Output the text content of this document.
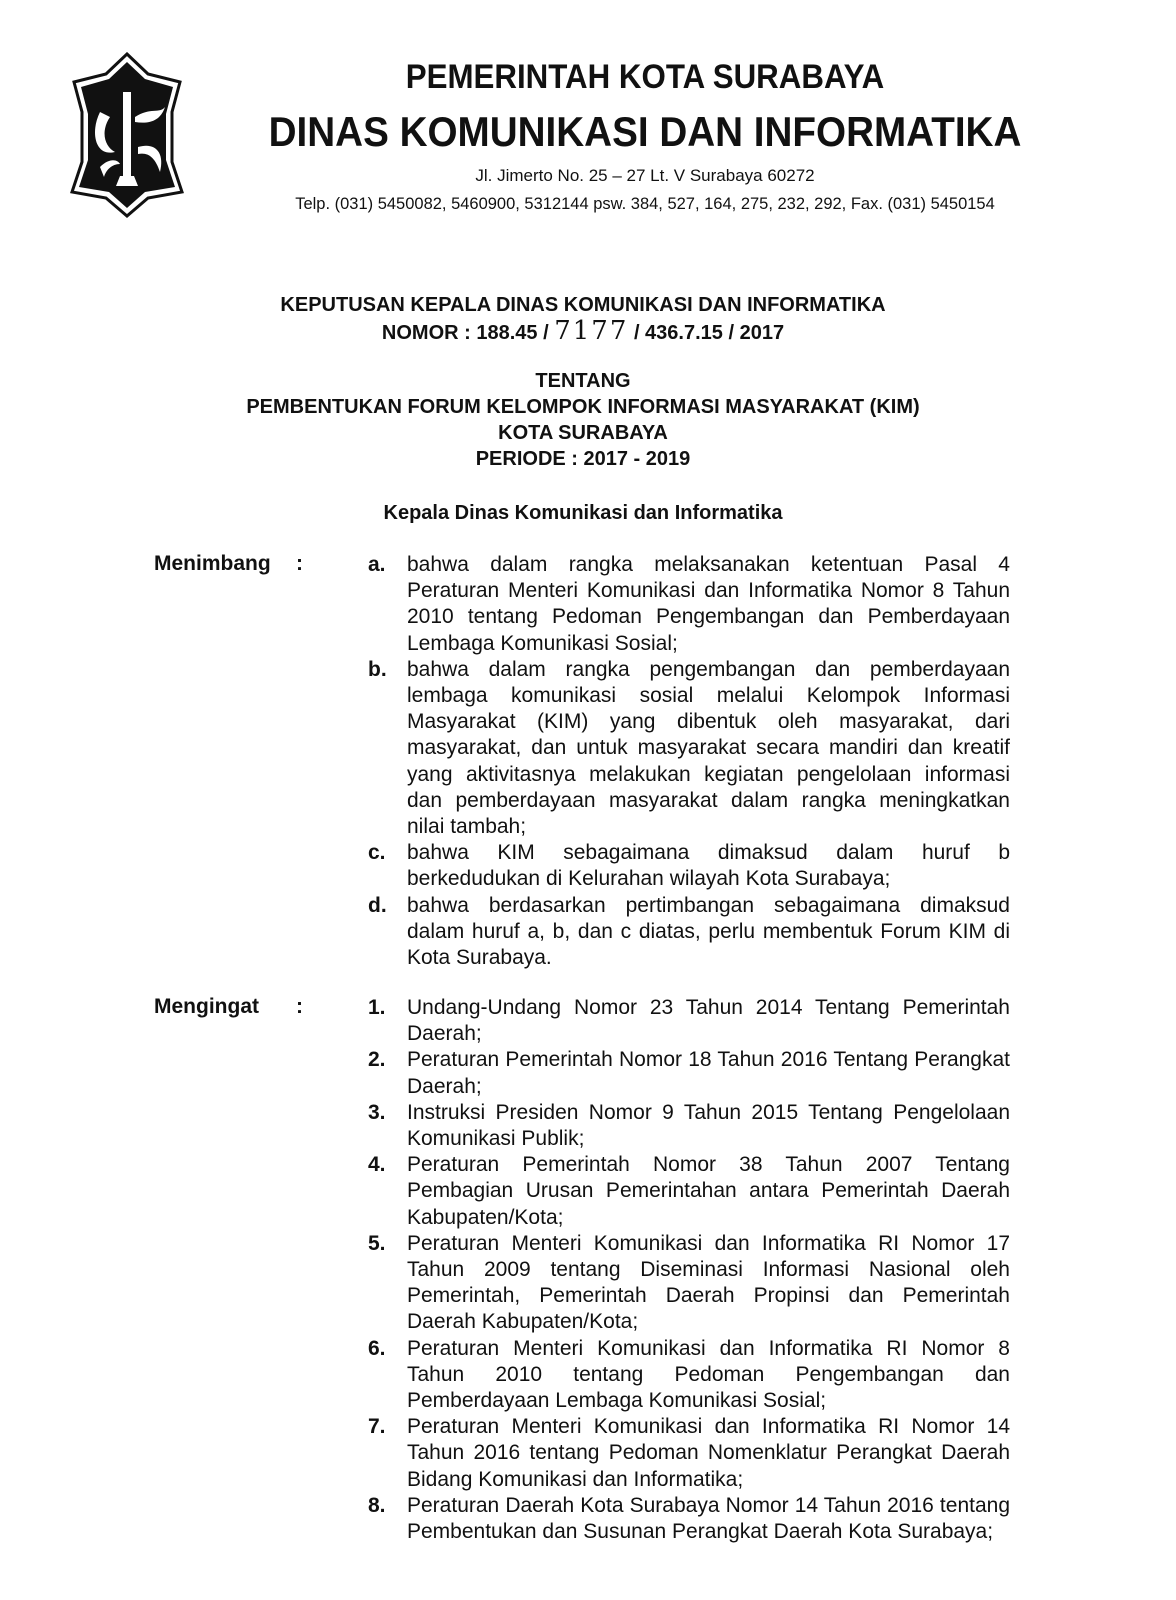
PEMERINTAH KOTA SURABAYA
DINAS KOMUNIKASI DAN INFORMATIKA
Jl. Jimerto No. 25 – 27 Lt. V Surabaya 60272
Telp. (031) 5450082, 5460900, 5312144 psw. 384, 527, 164, 275, 232, 292, Fax. (031) 5450154
KEPUTUSAN KEPALA DINAS KOMUNIKASI DAN INFORMATIKA
NOMOR : 188.45 / 7177 / 436.7.15 / 2017
TENTANG
PEMBENTUKAN FORUM KELOMPOK INFORMASI MASYARAKAT (KIM)
KOTA SURABAYA
PERIODE : 2017 - 2019
Kepala Dinas Komunikasi dan Informatika
Menimbang :	a.	bahwa dalam rangka melaksanakan ketentuan Pasal 4 Peraturan Menteri Komunikasi dan Informatika Nomor 8 Tahun 2010 tentang Pedoman Pengembangan dan Pemberdayaan Lembaga Komunikasi Sosial;
b. bahwa dalam rangka pengembangan dan pemberdayaan lembaga komunikasi sosial melalui Kelompok Informasi Masyarakat (KIM) yang dibentuk oleh masyarakat, dari masyarakat, dan untuk masyarakat secara mandiri dan kreatif yang aktivitasnya melakukan kegiatan pengelolaan informasi dan pemberdayaan masyarakat dalam rangka meningkatkan nilai tambah;
c.	bahwa KIM sebagaimana dimaksud dalam huruf b berkedudukan di Kelurahan wilayah Kota Surabaya;
d. bahwa berdasarkan pertimbangan sebagaimana dimaksud dalam huruf a, b, dan c diatas, perlu membentuk Forum KIM di Kota Surabaya.
Mengingat :	1.	Undang-Undang Nomor 23 Tahun 2014 Tentang Pemerintah Daerah;
2.	Peraturan Pemerintah Nomor 18 Tahun 2016 Tentang Perangkat Daerah;
3.	Instruksi Presiden Nomor 9 Tahun 2015 Tentang Pengelolaan Komunikasi Publik;
4.	Peraturan Pemerintah Nomor 38 Tahun 2007 Tentang Pembagian Urusan Pemerintahan antara Pemerintah Daerah Kabupaten/Kota;
5.	Peraturan Menteri Komunikasi dan Informatika RI Nomor 17 Tahun 2009 tentang Diseminasi Informasi Nasional oleh Pemerintah, Pemerintah Daerah Propinsi dan Pemerintah Daerah Kabupaten/Kota;
6.	Peraturan Menteri Komunikasi dan Informatika RI Nomor 8 Tahun 2010 tentang Pedoman Pengembangan dan Pemberdayaan Lembaga Komunikasi Sosial;
7.	Peraturan Menteri Komunikasi dan Informatika RI Nomor 14 Tahun 2016 tentang Pedoman Nomenklatur Perangkat Daerah Bidang Komunikasi dan Informatika;
8.	Peraturan Daerah Kota Surabaya Nomor 14 Tahun 2016 tentang Pembentukan dan Susunan Perangkat Daerah Kota Surabaya;
